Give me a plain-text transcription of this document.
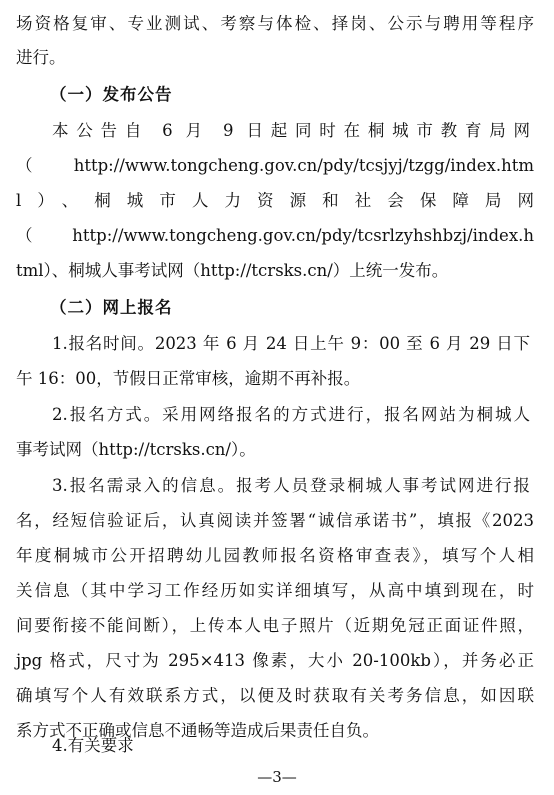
场资格复审、专业测试、考察与体检、择岗、公示与聘用等程序
进行。
（一）发布公告
本公告自 6 月 9 日起同时在桐城市教育局网
（http://www.tongcheng.gov.cn/pdy/tcsjyj/tzgg/index.htm
l）、桐城市人力资源和社会保障局网
（http://www.tongcheng.gov.cn/pdy/tcsrlzyhshbzj/index.h
tml）、桐城人事考试网（http://tcrsks.cn/）上统一发布。
（二）网上报名
1.报名时间。2023 年 6 月 24 日上午 9：00 至 6 月 29 日下
午 16：00，节假日正常审核，逾期不再补报。
2.报名方式。采用网络报名的方式进行，报名网站为桐城人
事考试网（http://tcrsks.cn/）。
3.报名需录入的信息。报考人员登录桐城人事考试网进行报
名，经短信验证后，认真阅读并签署“诚信承诺书”，填报《2023
年度桐城市公开招聘幼儿园教师报名资格审查表》，填写个人相
关信息（其中学习工作经历如实详细填写，从高中填到现在，时
间要衔接不能间断），上传本人电子照片（近期免冠正面证件照，
jpg 格式，尺寸为 295×413 像素，大小 20-100kb），并务必正
确填写个人有效联系方式，以便及时获取有关考务信息，如因联
系方式不正确或信息不通畅等造成后果责任自负。
4.有关要求
—3—
